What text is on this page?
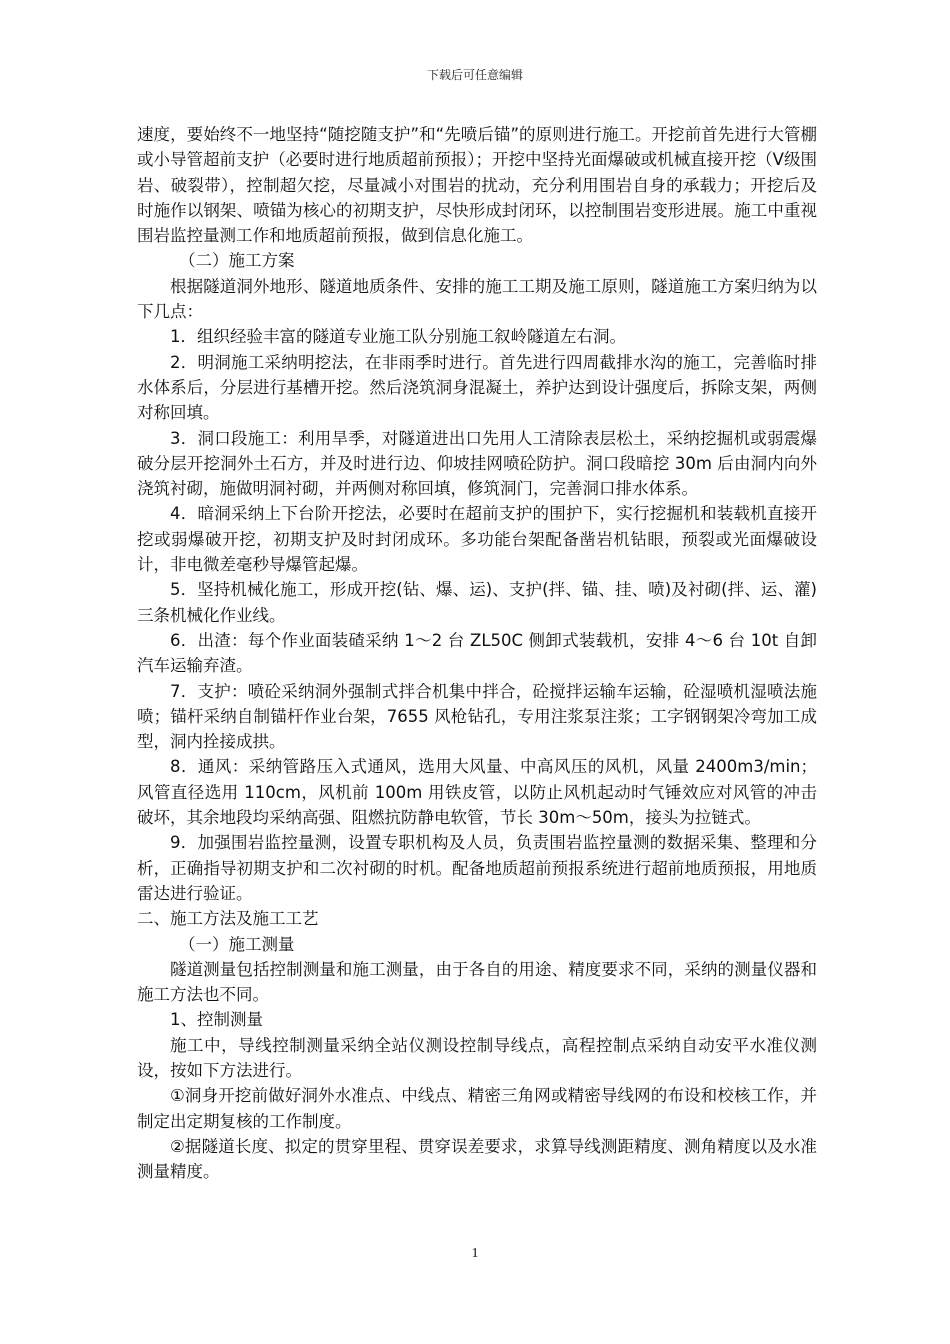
下载后可任意编辑

速度，要始终不一地坚持“随挖随支护”和“先喷后锚”的原则进行施工。开挖前首先进行大管棚或小导管超前支护（必要时进行地质超前预报）；开挖中坚持光面爆破或机械直接开挖（Ⅴ级围岩、破裂带），控制超欠挖，尽量减小对围岩的扰动，充分利用围岩自身的承载力；开挖后及时施作以钢架、喷锚为核心的初期支护，尽快形成封闭环，以控制围岩变形进展。施工中重视围岩监控量测工作和地质超前预报，做到信息化施工。

（二）施工方案

根据隧道洞外地形、隧道地质条件、安排的施工工期及施工原则，隧道施工方案归纳为以下几点：

1．组织经验丰富的隧道专业施工队分别施工叙岭隧道左右洞。

2．明洞施工采纳明挖法，在非雨季时进行。首先进行四周截排水沟的施工，完善临时排水体系后，分层进行基槽开挖。然后浇筑洞身混凝土，养护达到设计强度后，拆除支架，两侧对称回填。

3．洞口段施工：利用旱季，对隧道进出口先用人工清除表层松土，采纳挖掘机或弱震爆破分层开挖洞外土石方，并及时进行边、仰坡挂网喷砼防护。洞口段暗挖 30m 后由洞内向外浇筑衬砌，施做明洞衬砌，并两侧对称回填，修筑洞门，完善洞口排水体系。

4．暗洞采纳上下台阶开挖法，必要时在超前支护的围护下，实行挖掘机和装载机直接开挖或弱爆破开挖，初期支护及时封闭成环。多功能台架配备凿岩机钻眼，预裂或光面爆破设计，非电微差毫秒导爆管起爆。

5．坚持机械化施工，形成开挖(钻、爆、运)、支护(拌、锚、挂、喷)及衬砌(拌、运、灌)三条机械化作业线。

6．出渣：每个作业面装碴采纳 1～2 台 ZL50C 侧卸式装载机，安排 4～6 台 10t 自卸汽车运输弃渣。

7．支护：喷砼采纳洞外强制式拌合机集中拌合，砼搅拌运输车运输，砼湿喷机湿喷法施喷；锚杆采纳自制锚杆作业台架，7655 风枪钻孔，专用注浆泵注浆；工字钢钢架冷弯加工成型，洞内拴接成拱。

8．通风：采纳管路压入式通风，选用大风量、中高风压的风机，风量 2400m3/min；风管直径选用 110cm，风机前 100m 用铁皮管，以防止风机起动时气锤效应对风管的冲击破坏，其余地段均采纳高强、阻燃抗防静电软管，节长 30m～50m，接头为拉链式。

9．加强围岩监控量测，设置专职机构及人员，负责围岩监控量测的数据采集、整理和分析，正确指导初期支护和二次衬砌的时机。配备地质超前预报系统进行超前地质预报，用地质雷达进行验证。

二、施工方法及施工工艺

（一）施工测量

隧道测量包括控制测量和施工测量，由于各自的用途、精度要求不同，采纳的测量仪器和施工方法也不同。

1、控制测量

施工中，导线控制测量采纳全站仪测设控制导线点，高程控制点采纳自动安平水准仪测设，按如下方法进行。

①洞身开挖前做好洞外水准点、中线点、精密三角网或精密导线网的布设和校核工作，并制定出定期复核的工作制度。

②据隧道长度、拟定的贯穿里程、贯穿误差要求，求算导线测距精度、测角精度以及水准测量精度。

1
